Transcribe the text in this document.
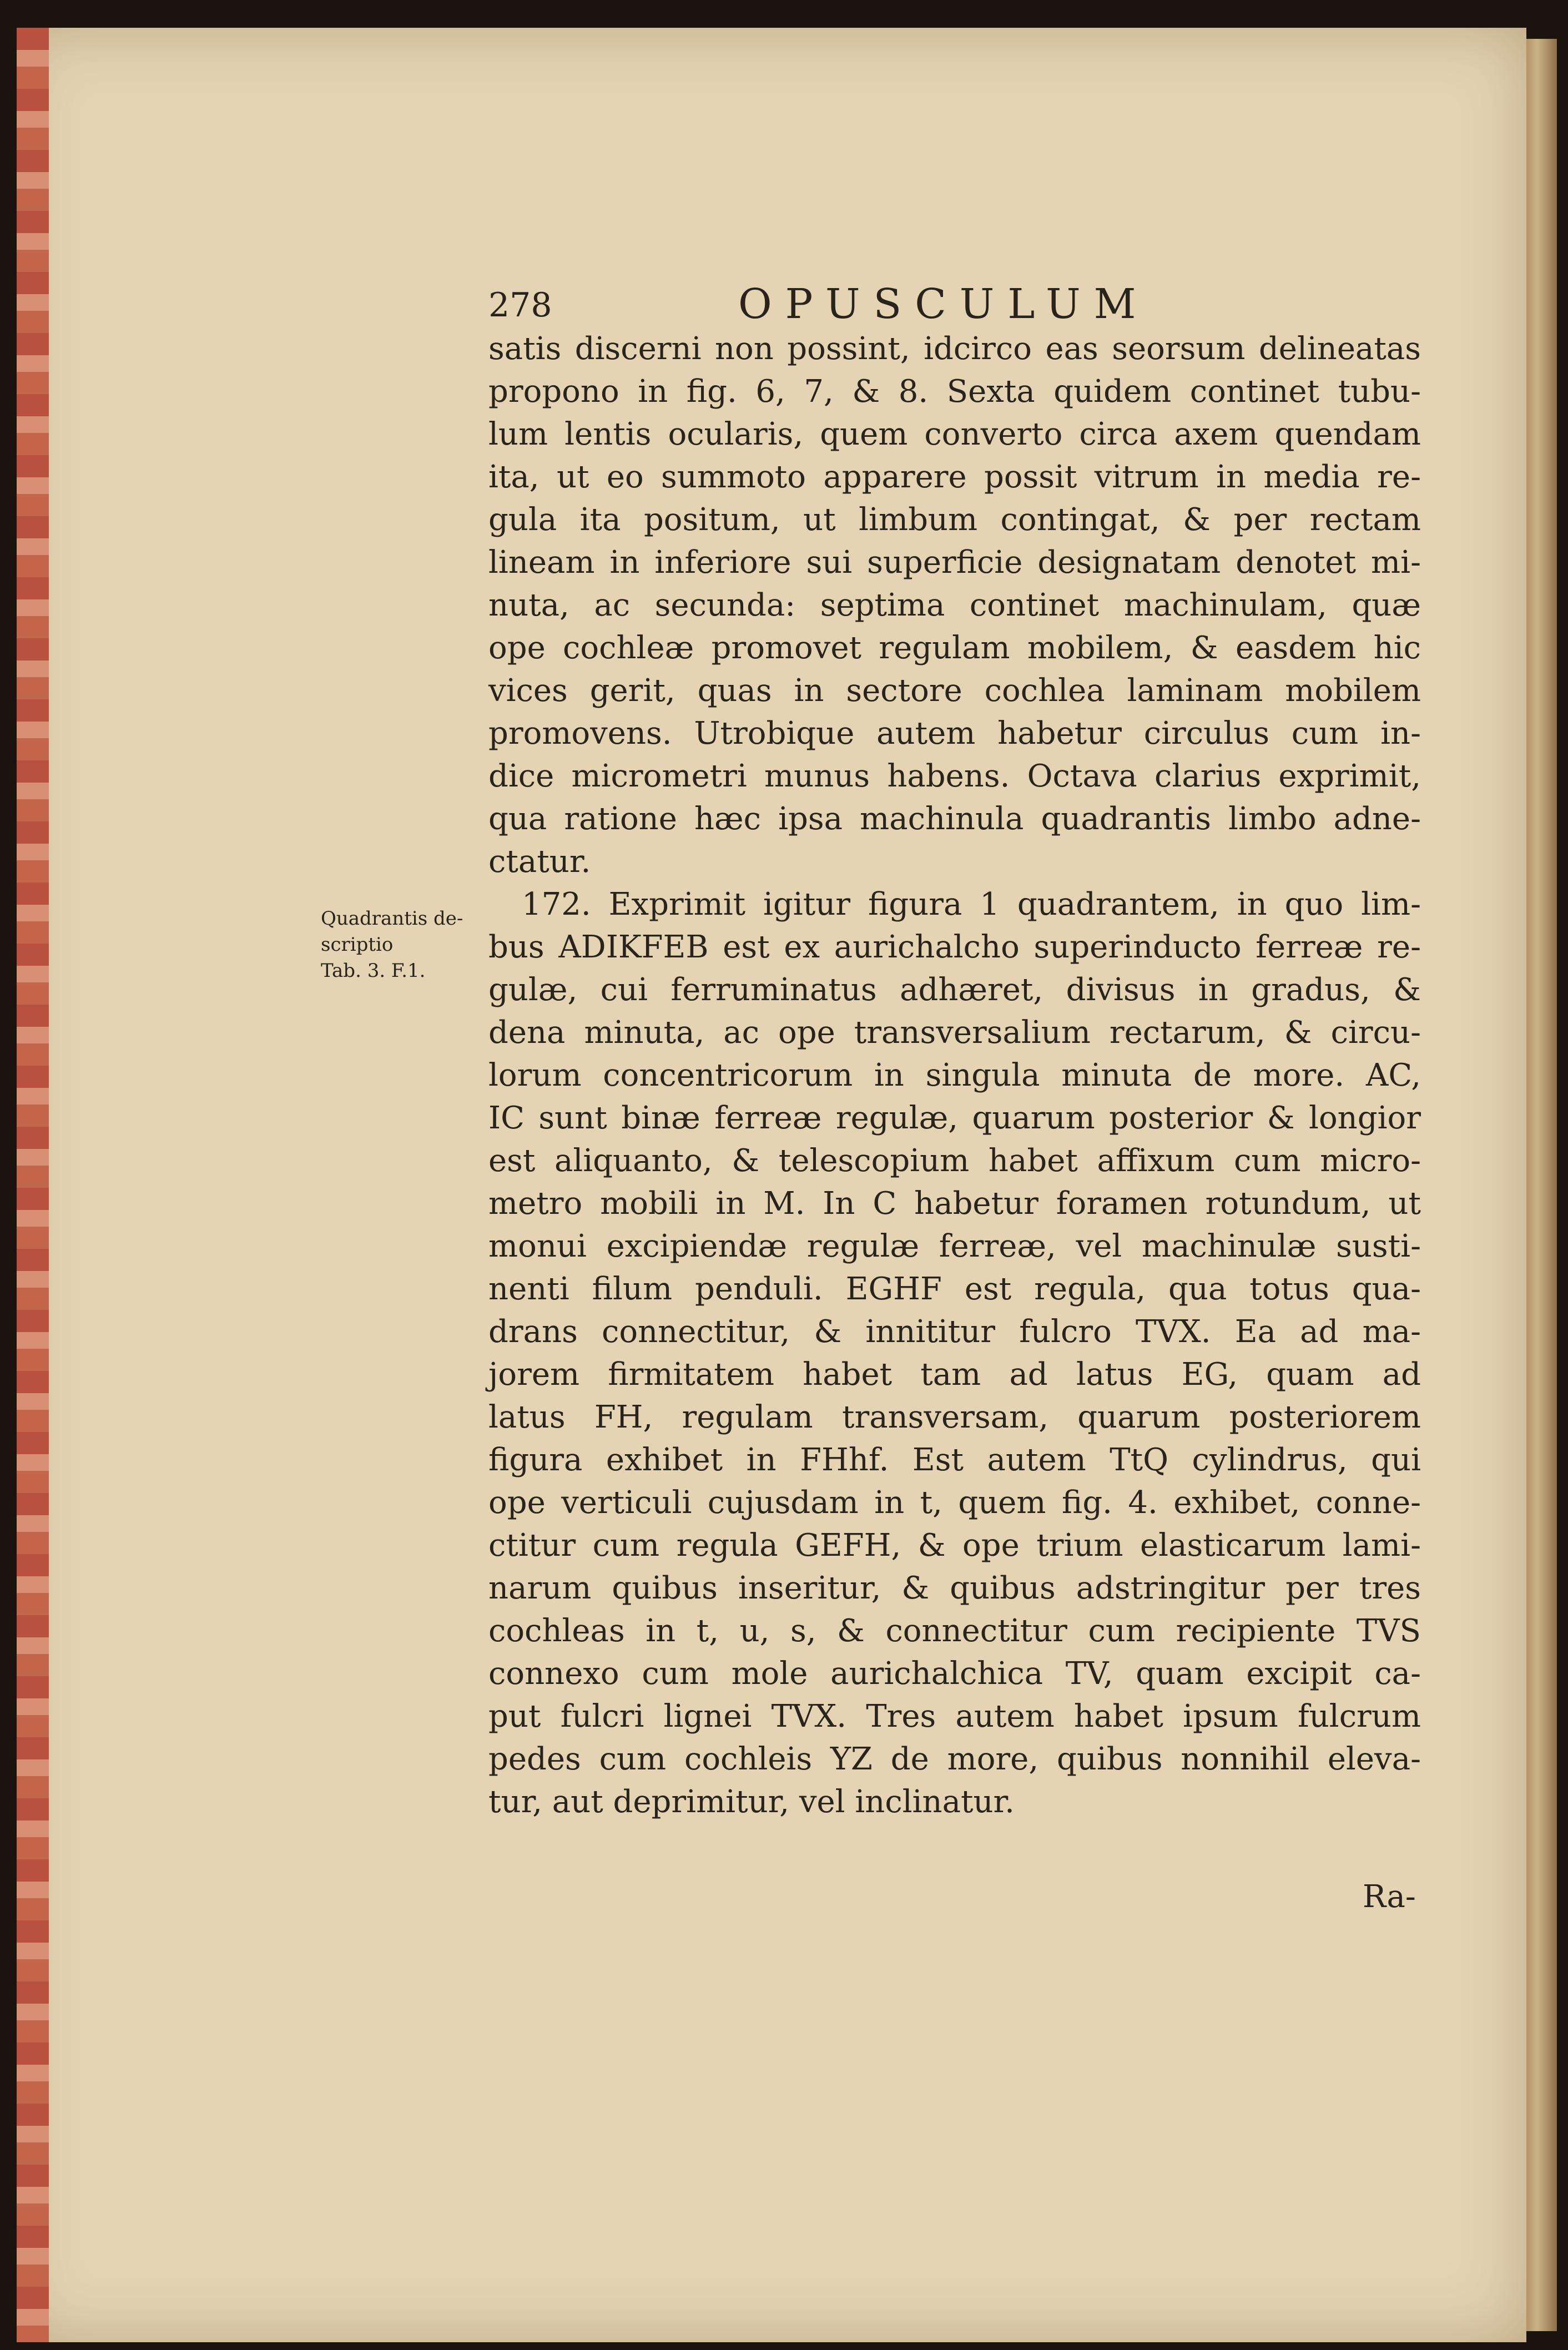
278	OPUSCULUM
Quadrantis de-
scriptio
Tab. 3. F.1.
satis discerni non possint, idcirco eas seorsum delineatas
propono in fig. 6, 7, & 8. Sexta quidem continet tubu-
lum lentis ocularis, quem converto circa axem quendam
ita, ut eo summoto apparere possit vitrum in media re-
gula ita positum, ut limbum contingat, & per rectam
lineam in inferiore sui superficie designatam denotet mi-
nuta, ac secunda: septima continet machinulam, quæ
ope cochleæ promovet regulam mobilem, & easdem hic
vices gerit, quas in sectore cochlea laminam mobilem
promovens. Utrobique autem habetur circulus cum in-
dice micrometri munus habens. Octava clarius exprimit,
qua ratione hæc ipsa machinula quadrantis limbo adne-
ctatur.
172. Exprimit igitur figura 1 quadrantem, in quo lim-
bus ADIKFEB est ex aurichalcho superinducto ferreæ re-
gulæ, cui ferruminatus adhæret, divisus in gradus, &
dena minuta, ac ope transversalium rectarum, & circu-
lorum concentricorum in singula minuta de more. AC,
IC sunt binæ ferreæ regulæ, quarum posterior & longior
est aliquanto, & telescopium habet affixum cum micro-
metro mobili in M. In C habetur foramen rotundum, ut
monui excipiendæ regulæ ferreæ, vel machinulæ susti-
nenti filum penduli. EGHF est regula, qua totus qua-
drans connectitur, & innititur fulcro TVX. Ea ad ma-
jorem firmitatem habet tam ad latus EG, quam ad
latus FH, regulam transversam, quarum posteriorem
figura exhibet in FHhf. Est autem TtQ cylindrus, qui
ope verticuli cujusdam in t, quem fig. 4. exhibet, conne-
ctitur cum regula GEFH, & ope trium elasticarum lami-
narum quibus inseritur, & quibus adstringitur per tres
cochleas in t, u, s, & connectitur cum recipiente TVS
connexo cum mole aurichalchica TV, quam excipit ca-
put fulcri lignei TVX. Tres autem habet ipsum fulcrum
pedes cum cochleis YZ de more, quibus nonnihil eleva-
tur, aut deprimitur, vel inclinatur.
Ra-
